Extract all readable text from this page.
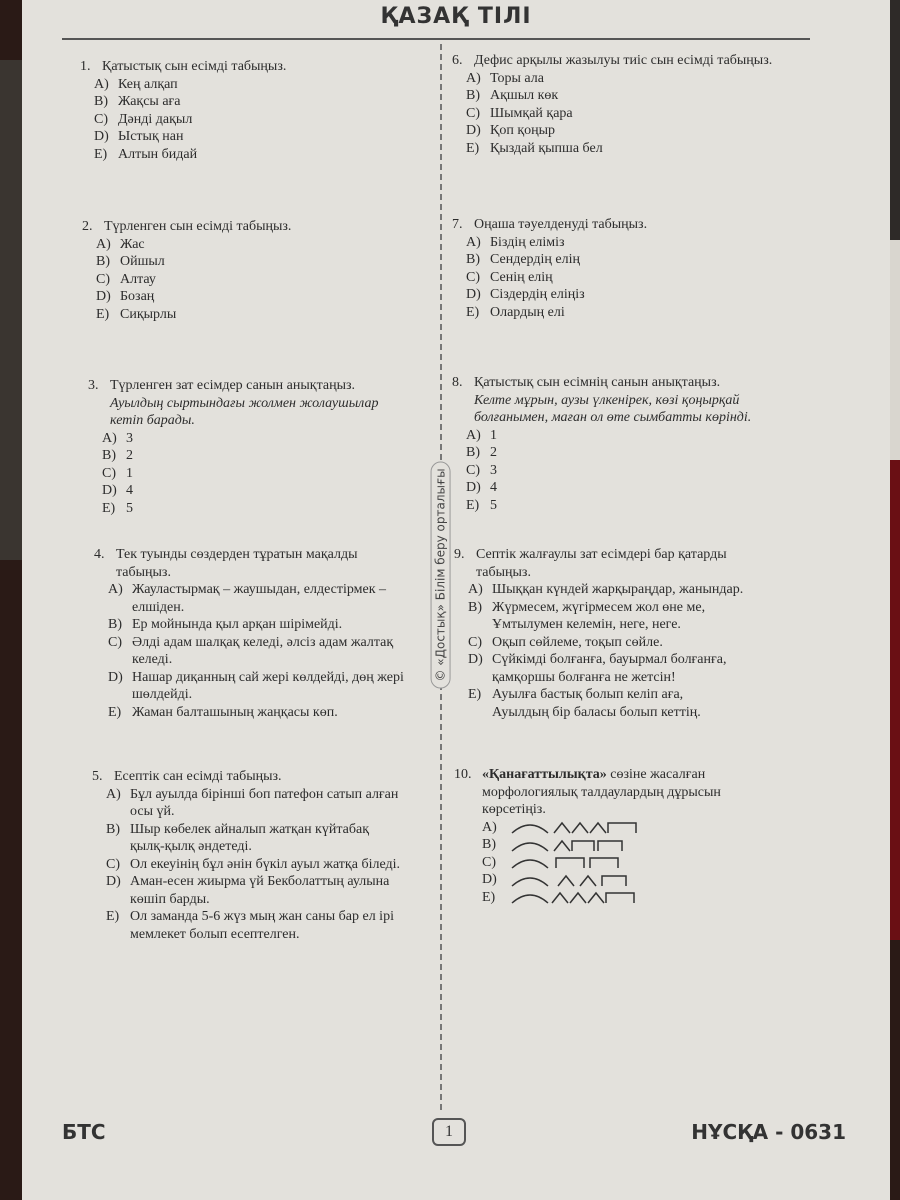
ҚАЗАҚ ТІЛІ
© «Достық» Білім беру орталығы
1. Қатыстық сын есімді табыңыз.
A) Кең алқап
B) Жақсы аға
C) Дәнді дақыл
D) Ыстық нан
E) Алтын бидай
2. Түрленген сын есімді табыңыз.
A) Жас
B) Ойшыл
C) Алтау
D) Бозаң
E) Сиқырлы
3. Түрленген зат есімдер санын анықтаңыз.
Ауылдың сыртындағы жолмен жолаушылар
кетіп барады.
A) 3
B) 2
C) 1
D) 4
E) 5
4. Тек туынды сөздерден тұратын мақалды
табыңыз.
A) Жауластырмақ – жаушыдан, елдестірмек –
елшіден.
B) Ер мойнында қыл арқан шірімейді.
C) Әлді адам шалқақ келеді, әлсіз адам жалтақ
келеді.
D) Нашар диқанның сай жері көлдейді, дөң жері
шөлдейді.
E) Жаман балташының жаңқасы көп.
5. Есептік сан есімді табыңыз.
A) Бұл ауылда бірінші боп патефон сатып алған
осы үй.
B) Шыр көбелек айналып жатқан күйтабақ
қылқ-қылқ әндетеді.
C) Ол екеуінің бұл әнін бүкіл ауыл жатқа біледі.
D) Аман-есен жиырма үй Бекболаттың аулына
көшіп барды.
E) Ол заманда 5-6 жүз мың жан саны бар ел ірі
мемлекет болып есептелген.
6. Дефис арқылы жазылуы тиіс сын есімді табыңыз.
A) Торы ала
B) Ақшыл көк
C) Шымқай қара
D) Қоп қоңыр
E) Қыздай қыпша бел
7. Оңаша тәуелденуді табыңыз.
A) Біздің еліміз
B) Сендердің елің
C) Сенің елің
D) Сіздердің еліңіз
E) Олардың елі
8. Қатыстық сын есімнің санын анықтаңыз.
Келте мұрын, аузы үлкенірек, көзі қоңырқай
болғанымен, маған ол өте сымбатты көрінді.
A) 1
B) 2
C) 3
D) 4
E) 5
9. Септік жалғаулы зат есімдері бар қатарды
табыңыз.
A) Шыққан күндей жарқыраңдар, жанындар.
B) Жүрмесем, жүгірмесем жол өне ме,
Ұмтылумен келемін, неге, неге.
C) Оқып сөйлеме, тоқып сөйле.
D) Сүйкімді болғанға, бауырмал болғанға,
қамқоршы болғанға не жетсін!
E) Ауылға бастық болып келіп аға,
Ауылдың бір баласы болып кеттің.
10. «Қанағаттылықта» сөзіне жасалған
морфологиялық талдаулардың дұрысын
көрсетіңіз.
A)
B)
C)
D)
E)
БТС	1	НҰСҚА - 0631
